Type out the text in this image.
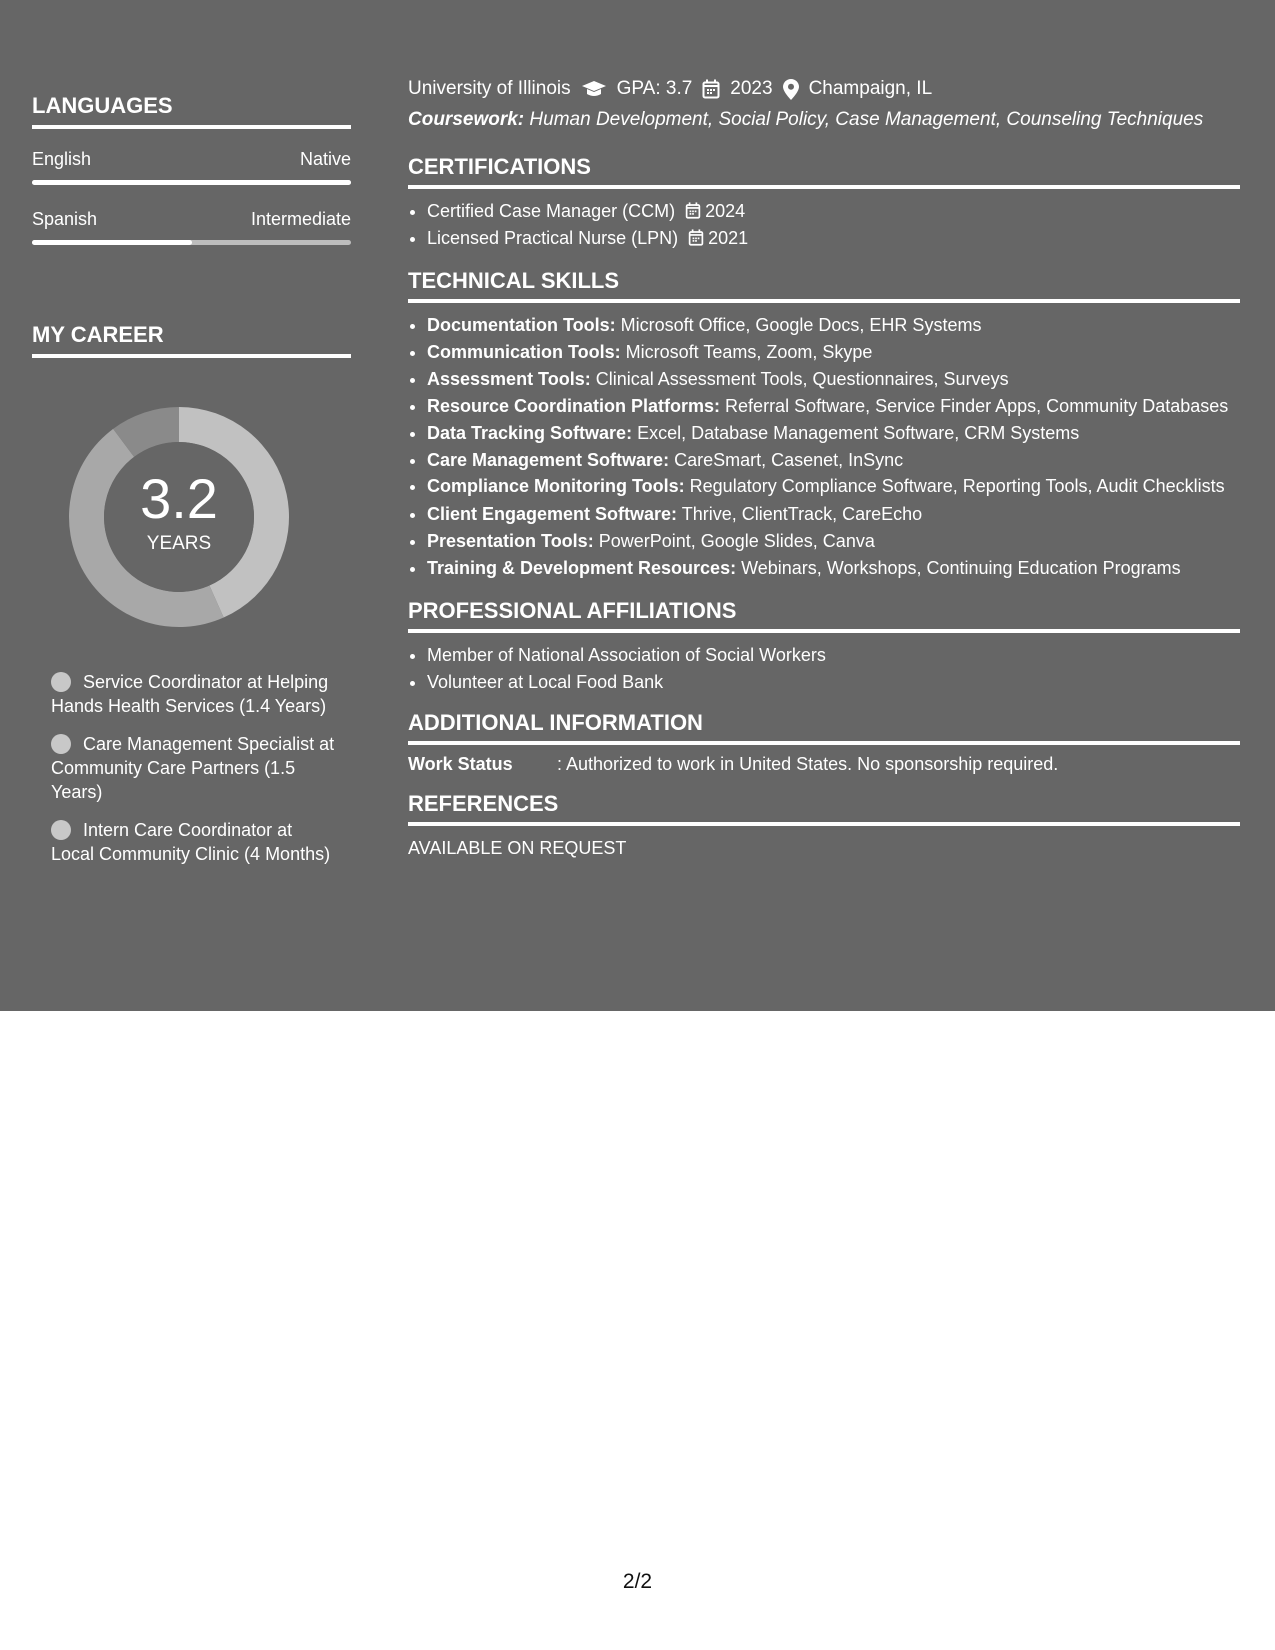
LANGUAGES
English	Native
Spanish	Intermediate
MY CAREER
3.2
YEARS
Service Coordinator at Helping Hands Health Services (1.4 Years)
Care Management Specialist at Community Care Partners (1.5 Years)
Intern Care Coordinator at Local Community Clinic (4 Months)
University of Illinois GPA: 3.7 2023 Champaign, IL
Coursework: Human Development, Social Policy, Case Management, Counseling Techniques
CERTIFICATIONS
• Certified Case Manager (CCM) 2024
• Licensed Practical Nurse (LPN) 2021
TECHNICAL SKILLS
• Documentation Tools: Microsoft Office, Google Docs, EHR Systems
• Communication Tools: Microsoft Teams, Zoom, Skype
• Assessment Tools: Clinical Assessment Tools, Questionnaires, Surveys
• Resource Coordination Platforms: Referral Software, Service Finder Apps, Community Databases
• Data Tracking Software: Excel, Database Management Software, CRM Systems
• Care Management Software: CareSmart, Casenet, InSync
• Compliance Monitoring Tools: Regulatory Compliance Software, Reporting Tools, Audit Checklists
• Client Engagement Software: Thrive, ClientTrack, CareEcho
• Presentation Tools: PowerPoint, Google Slides, Canva
• Training & Development Resources: Webinars, Workshops, Continuing Education Programs
PROFESSIONAL AFFILIATIONS
• Member of National Association of Social Workers
• Volunteer at Local Food Bank
ADDITIONAL INFORMATION
Work Status	: Authorized to work in United States. No sponsorship required.
REFERENCES
AVAILABLE ON REQUEST
2/2
